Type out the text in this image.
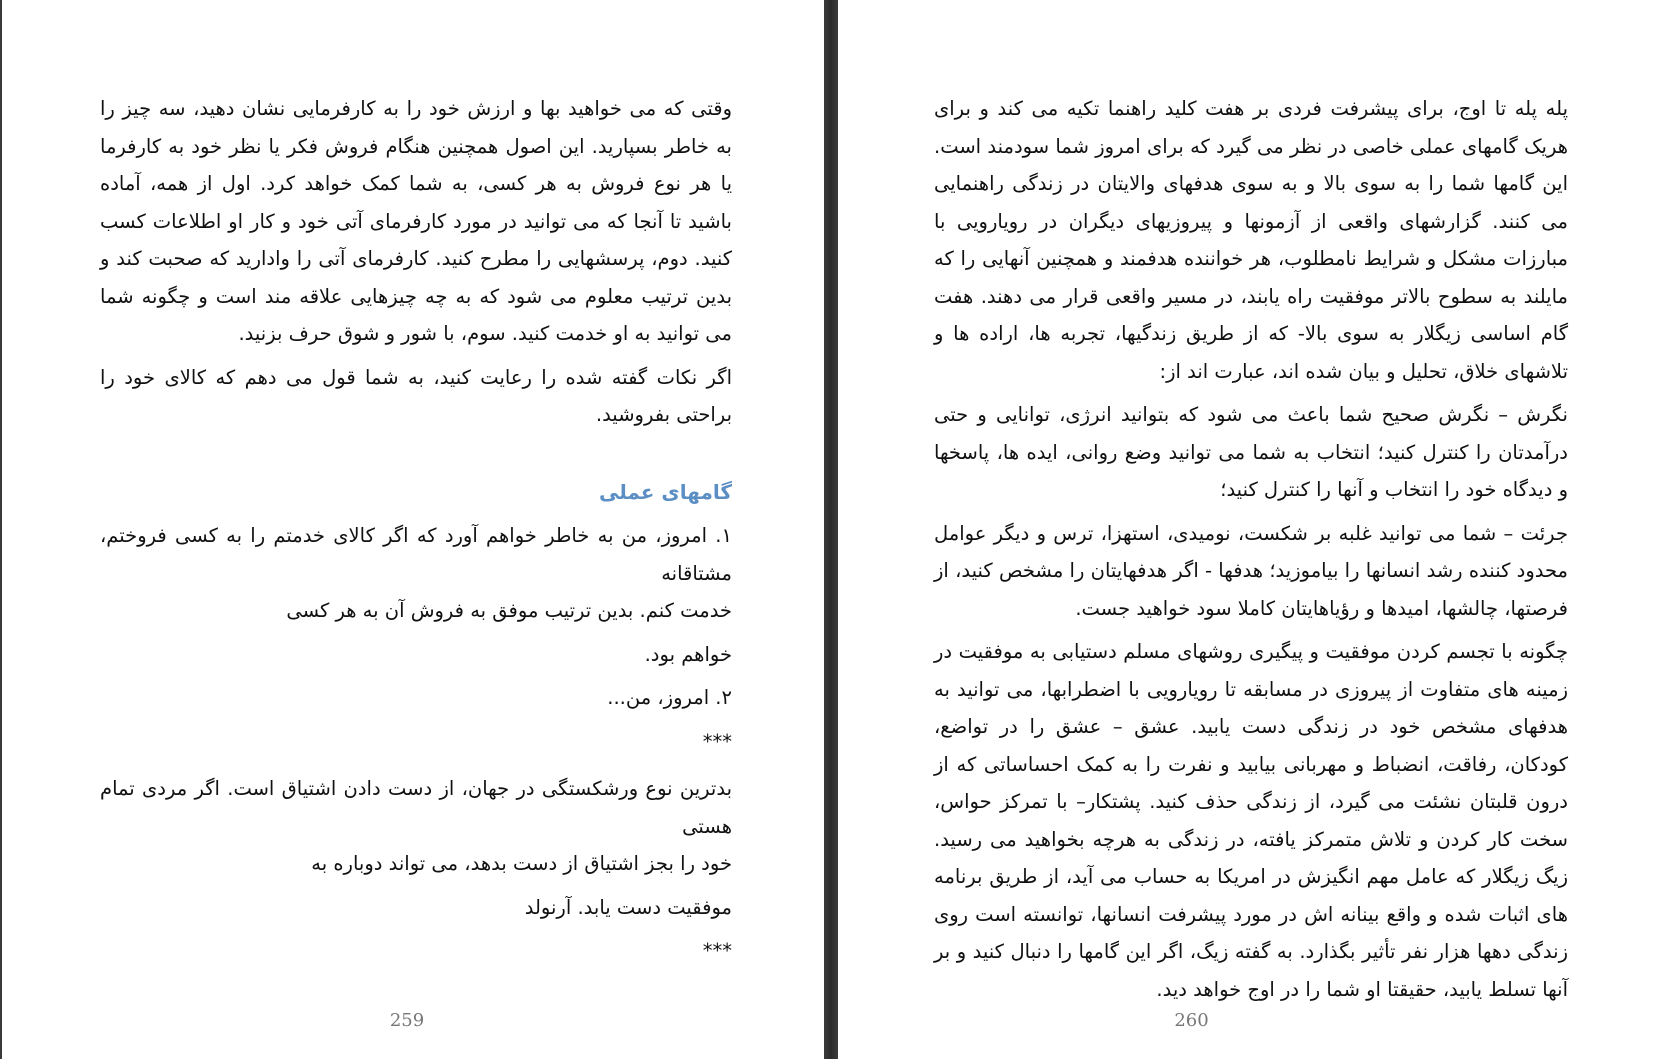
وقتی که می خواهید بها و ارزش خود را به کارفرمایی نشان دهید، سه چیز را به خاطر بسپارید. این اصول همچنین هنگام فروش فکر یا نظر خود به کارفرما یا هر نوع فروش به هر کسی، به شما کمک خواهد کرد. اول از همه، آماده باشید تا آنجا که می توانید در مورد کارفرمای آتی خود و کار او اطلاعات کسب کنید. دوم، پرسشهایی را مطرح کنید. کارفرمای آتی را وادارید که صحبت کند و بدین ترتیب معلوم می شود که به چه چیزهایی علاقه مند است و چگونه شما می توانید به او خدمت کنید. سوم، با شور و شوق حرف بزنید.

اگر نکات گفته شده را رعایت کنید، به شما قول می دهم که کالای خود را براحتی بفروشید.

گامهای عملی

۱. امروز، من به خاطر خواهم آورد که اگر کالای خدمتم را به کسی فروختم، مشتاقانه
خدمت کنم. بدین ترتیب موفق به فروش آن به هر کسی

خواهم بود.

۲. امروز، من...

***

بدترین نوع ورشکستگی در جهان، از دست دادن اشتیاق است. اگر مردی تمام هستی
خود را بجز اشتیاق از دست بدهد، می تواند دوباره به

موفقیت دست یابد. آرنولد

***

259

پله پله تا اوج، برای پیشرفت فردی بر هفت کلید راهنما تکیه می کند و برای هریک گامهای عملی خاصی در نظر می گیرد که برای امروز شما سودمند است. این گامها شما را به سوی بالا و به سوی هدفهای والایتان در زندگی راهنمایی می کنند. گزارشهای واقعی از آزمونها و پیروزیهای دیگران در رویارویی با مبارزات مشکل و شرایط نامطلوب، هر خواننده هدفمند و همچنین آنهایی را که مایلند به سطوح بالاتر موفقیت راه یابند، در مسیر واقعی قرار می دهند. هفت گام اساسی زیگلار به سوی بالا- که از طریق زندگیها، تجربه ها، اراده ها و تلاشهای خلاق، تحلیل و بیان شده اند، عبارت اند از:

نگرش – نگرش صحیح شما باعث می شود که بتوانید انرژی، توانایی و حتی درآمدتان را کنترل کنید؛ انتخاب به شما می توانید وضع روانی، ایده ها، پاسخها و دیدگاه خود را انتخاب و آنها را کنترل کنید؛

جرئت – شما می توانید غلبه بر شکست، نومیدی، استهزا، ترس و دیگر عوامل محدود کننده رشد انسانها را بیاموزید؛ هدفها - اگر هدفهایتان را مشخص کنید، از فرصتها، چالشها، امیدها و رؤیاهایتان کاملا سود خواهید جست.

چگونه با تجسم کردن موفقیت و پیگیری روشهای مسلم دستیابی به موفقیت در زمینه های متفاوت از پیروزی در مسابقه تا رویارویی با اضطرابها، می توانید به هدفهای مشخص خود در زندگی دست یابید. عشق – عشق را در تواضع، کودکان، رفاقت، انضباط و مهربانی بیابید و نفرت را به کمک احساساتی که از درون قلبتان نشئت می گیرد، از زندگی حذف کنید. پشتکار– با تمرکز حواس، سخت کار کردن و تلاش متمرکز یافته، در زندگی به هرچه بخواهید می رسید. زیگ زیگلار که عامل مهم انگیزش در امریکا به حساب می آید، از طریق برنامه های اثبات شده و واقع بینانه اش در مورد پیشرفت انسانها، توانسته است روی زندگی دهها هزار نفر تأثیر بگذارد. به گفته زیگ، اگر این گامها را دنبال کنید و بر آنها تسلط یابید، حقیقتا او شما را در اوج خواهد دید.

260
